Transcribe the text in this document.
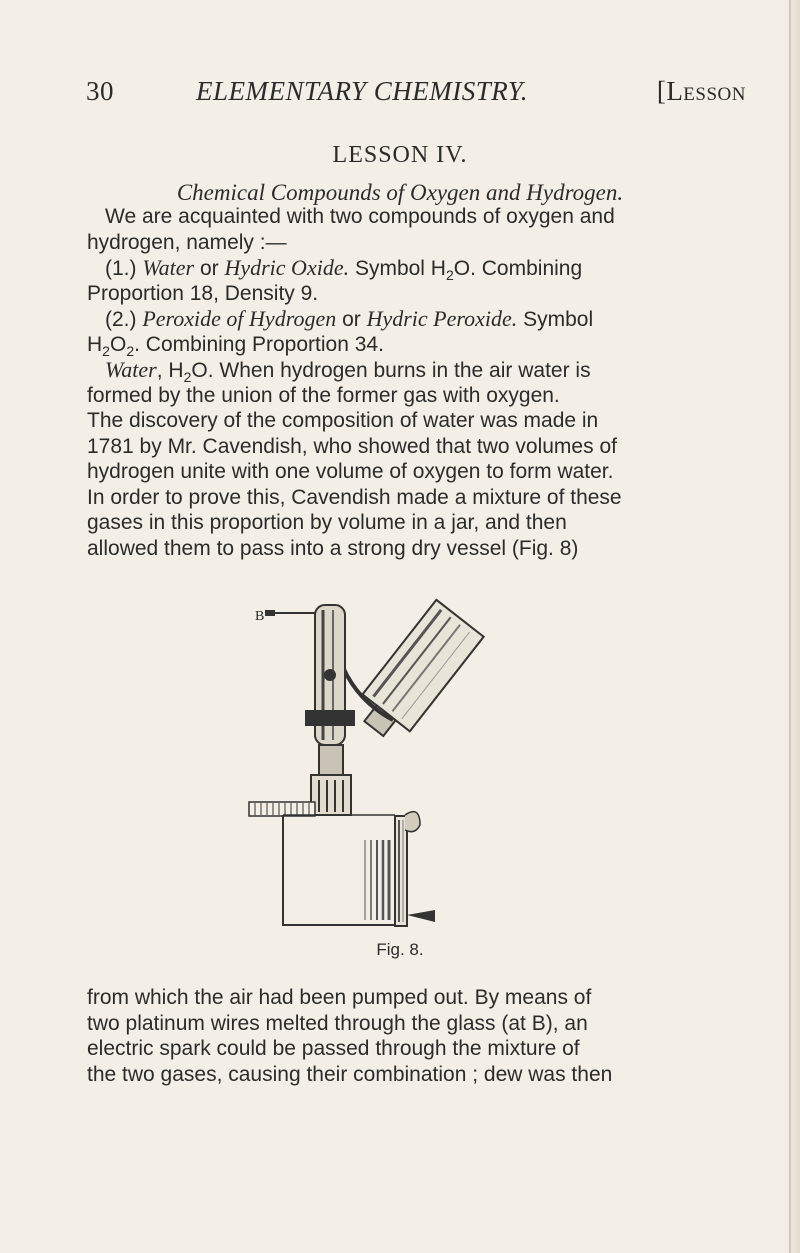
30	ELEMENTARY CHEMISTRY.	[Lesson
LESSON IV.
Chemical Compounds of Oxygen and Hydrogen.
We are acquainted with two compounds of oxygen and
hydrogen, namely :—
(1.) Water or Hydric Oxide. Symbol $H_2O$. Combining
Proportion 18, Density 9.
(2.) Peroxide of Hydrogen or Hydric Peroxide. Symbol
$H_2O_2$. Combining Proportion 34.
Water, $H_2O$. When hydrogen burns in the air water is
formed by the union of the former gas with oxygen.
The discovery of the composition of water was made in
1781 by Mr. Cavendish, who showed that two volumes of
hydrogen unite with one volume of oxygen to form water.
In order to prove this, Cavendish made a mixture of these
gases in this proportion by volume in a jar, and then
allowed them to pass into a strong dry vessel (Fig. 8)
B
Fig. 8.
from which the air had been pumped out. By means of
two platinum wires melted through the glass (at B), an
electric spark could be passed through the mixture of
the two gases, causing their combination ; dew was then
